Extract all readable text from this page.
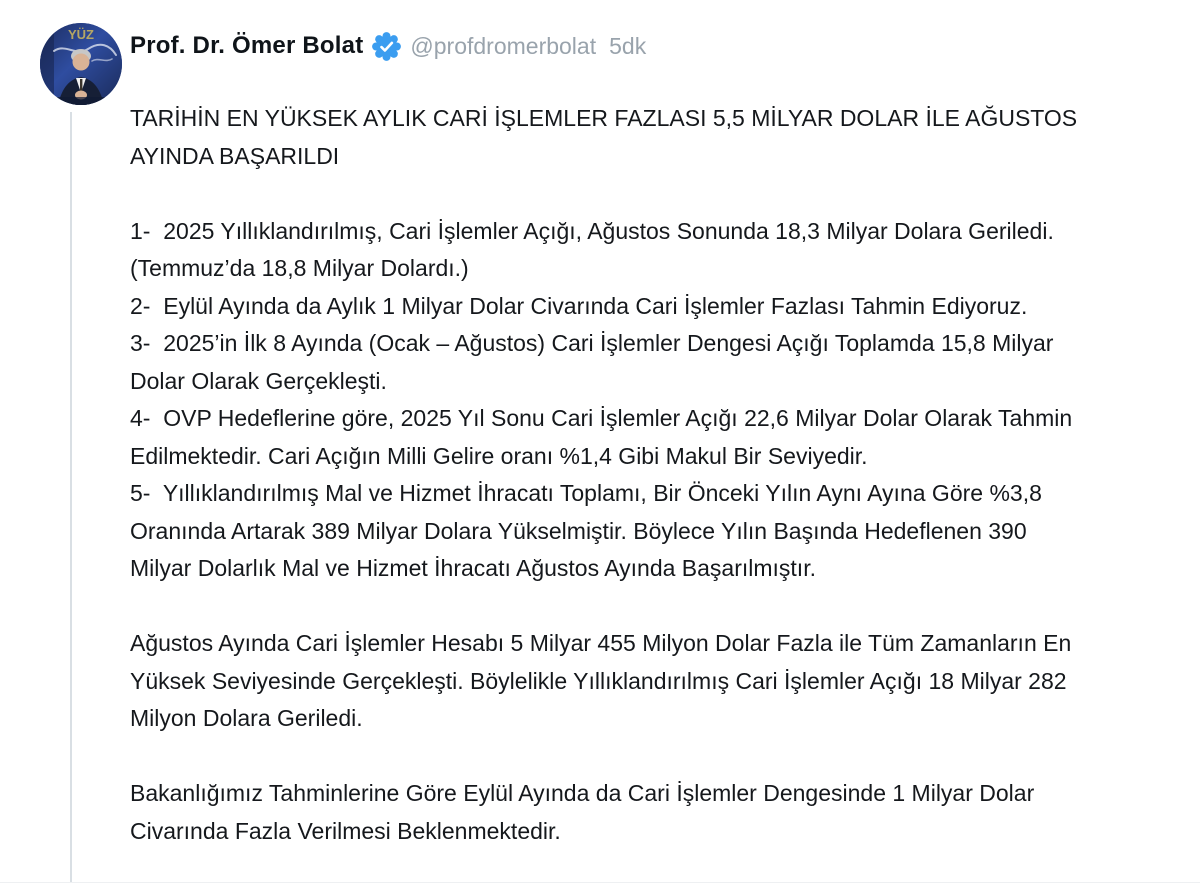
YÜZ Prof. Dr. Ömer Bolat @profdromerbolat 5dk

TARİHİN EN YÜKSEK AYLIK CARİ İŞLEMLER FAZLASI 5,5 MİLYAR DOLAR İLE AĞUSTOS AYINDA BAŞARILDI

1-  2025 Yıllıklandırılmış, Cari İşlemler Açığı, Ağustos Sonunda 18,3 Milyar Dolara Geriledi. (Temmuz’da 18,8 Milyar Dolardı.)

2-  Eylül Ayında da Aylık 1 Milyar Dolar Civarında Cari İşlemler Fazlası Tahmin Ediyoruz.

3-  2025’in İlk 8 Ayında (Ocak – Ağustos) Cari İşlemler Dengesi Açığı Toplamda 15,8 Milyar Dolar Olarak Gerçekleşti.

4-  OVP Hedeflerine göre, 2025 Yıl Sonu Cari İşlemler Açığı 22,6 Milyar Dolar Olarak Tahmin Edilmektedir. Cari Açığın Milli Gelire oranı %1,4 Gibi Makul Bir Seviyedir.

5-  Yıllıklandırılmış Mal ve Hizmet İhracatı Toplamı, Bir Önceki Yılın Aynı Ayına Göre %3,8 Oranında Artarak 389 Milyar Dolara Yükselmiştir. Böylece Yılın Başında Hedeflenen 390 Milyar Dolarlık Mal ve Hizmet İhracatı Ağustos Ayında Başarılmıştır.

Ağustos Ayında Cari İşlemler Hesabı 5 Milyar 455 Milyon Dolar Fazla ile Tüm Zamanların En Yüksek Seviyesinde Gerçekleşti. Böylelikle Yıllıklandırılmış Cari İşlemler Açığı 18 Milyar 282 Milyon Dolara Geriledi.

Bakanlığımız Tahminlerine Göre Eylül Ayında da Cari İşlemler Dengesinde 1 Milyar Dolar Civarında Fazla Verilmesi Beklenmektedir.
